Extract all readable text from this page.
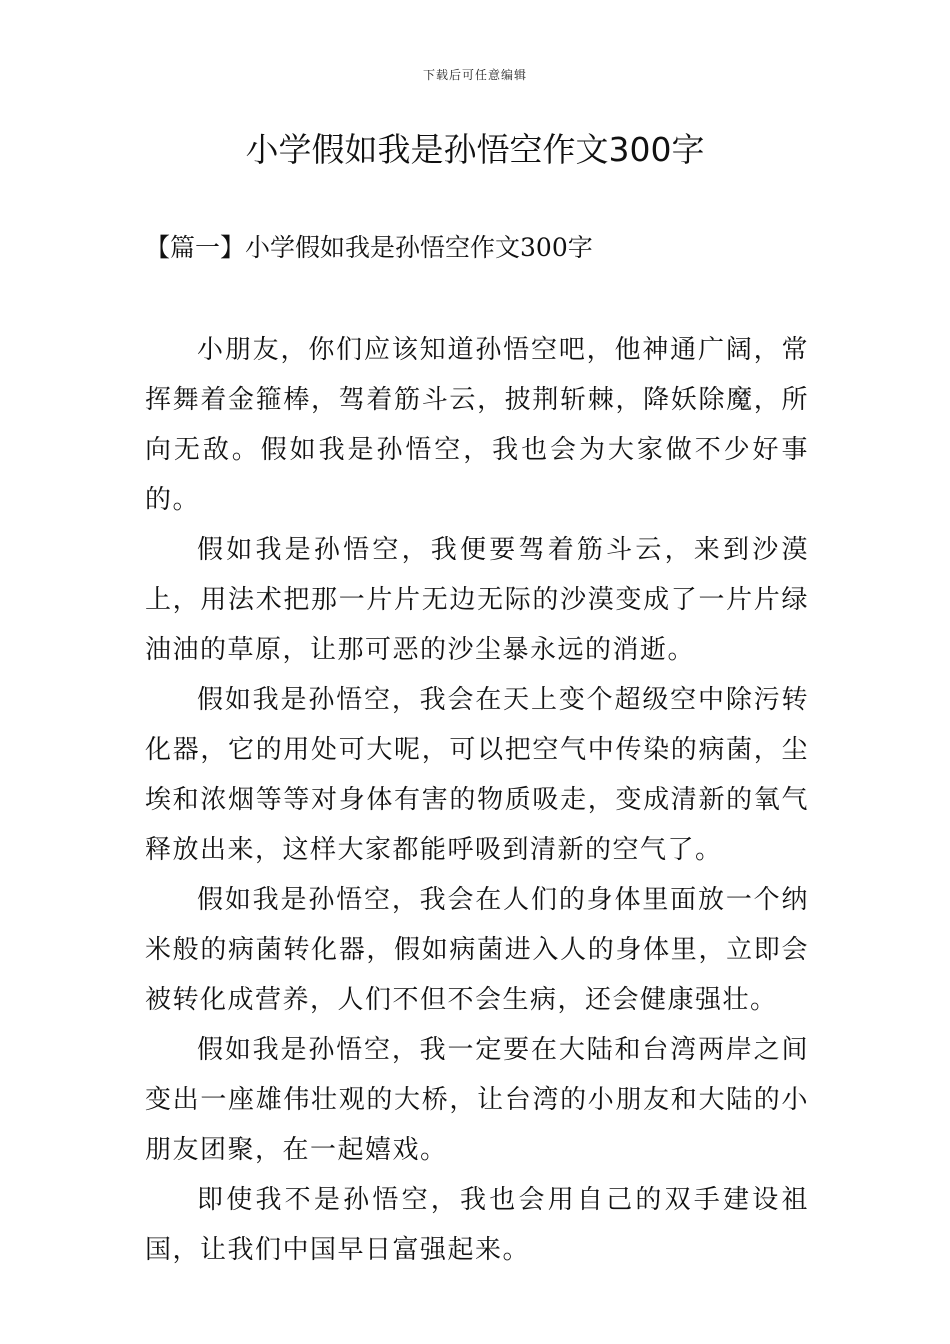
下载后可任意编辑
小学假如我是孙悟空作文300字
【篇一】小学假如我是孙悟空作文300字

小朋友，你们应该知道孙悟空吧，他神通广阔，常挥舞着金箍棒，驾着筋斗云，披荆斩棘，降妖除魔，所向无敌。假如我是孙悟空，我也会为大家做不少好事的。

假如我是孙悟空，我便要驾着筋斗云，来到沙漠上，用法术把那一片片无边无际的沙漠变成了一片片绿油油的草原，让那可恶的沙尘暴永远的消逝。

假如我是孙悟空，我会在天上变个超级空中除污转化器，它的用处可大呢，可以把空气中传染的病菌，尘埃和浓烟等等对身体有害的物质吸走，变成清新的氧气释放出来，这样大家都能呼吸到清新的空气了。

假如我是孙悟空，我会在人们的身体里面放一个纳米般的病菌转化器，假如病菌进入人的身体里，立即会被转化成营养，人们不但不会生病，还会健康强壮。

假如我是孙悟空，我一定要在大陆和台湾两岸之间变出一座雄伟壮观的大桥，让台湾的小朋友和大陆的小朋友团聚，在一起嬉戏。

即使我不是孙悟空，我也会用自己的双手建设祖国，让我们中国早日富强起来。
